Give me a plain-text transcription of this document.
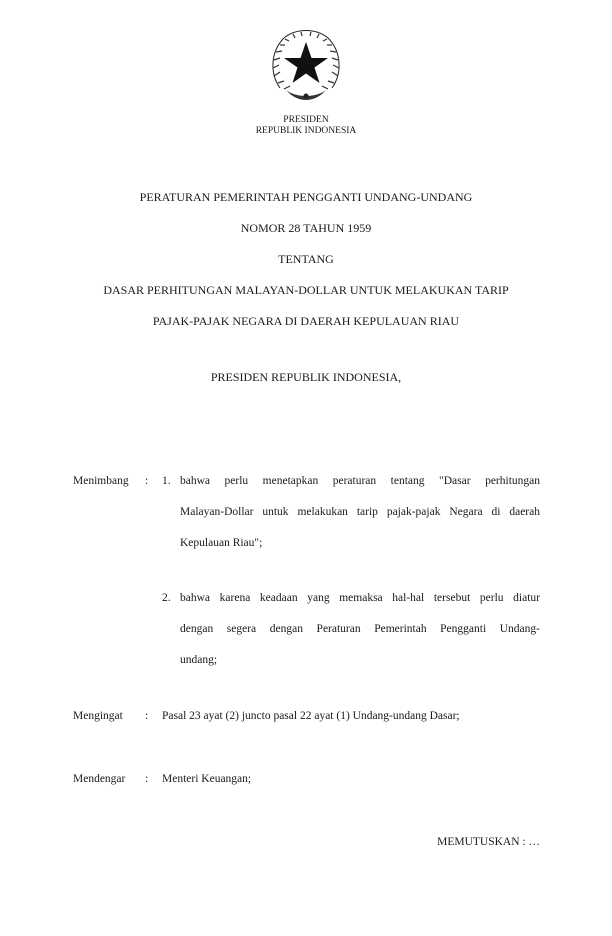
PRESIDEN
REPUBLIK INDONESIA
PERATURAN PEMERINTAH PENGGANTI UNDANG-UNDANG
NOMOR 28 TAHUN 1959
TENTANG
DASAR PERHITUNGAN MALAYAN-DOLLAR UNTUK MELAKUKAN TARIP
PAJAK-PAJAK NEGARA DI DAERAH KEPULAUAN RIAU
PRESIDEN REPUBLIK INDONESIA,
Menimbang : 1. bahwa perlu menetapkan peraturan tentang "Dasar perhitungan
Malayan-Dollar untuk melakukan tarip pajak-pajak Negara di daerah
Kepulauan Riau";
2. bahwa karena keadaan yang memaksa hal-hal tersebut perlu diatur
dengan segera dengan Peraturan Pemerintah Pengganti Undang-
undang;
Mengingat : Pasal 23 ayat (2) juncto pasal 22 ayat (1) Undang-undang Dasar;
Mendengar : Menteri Keuangan;
MEMUTUSKAN : …
